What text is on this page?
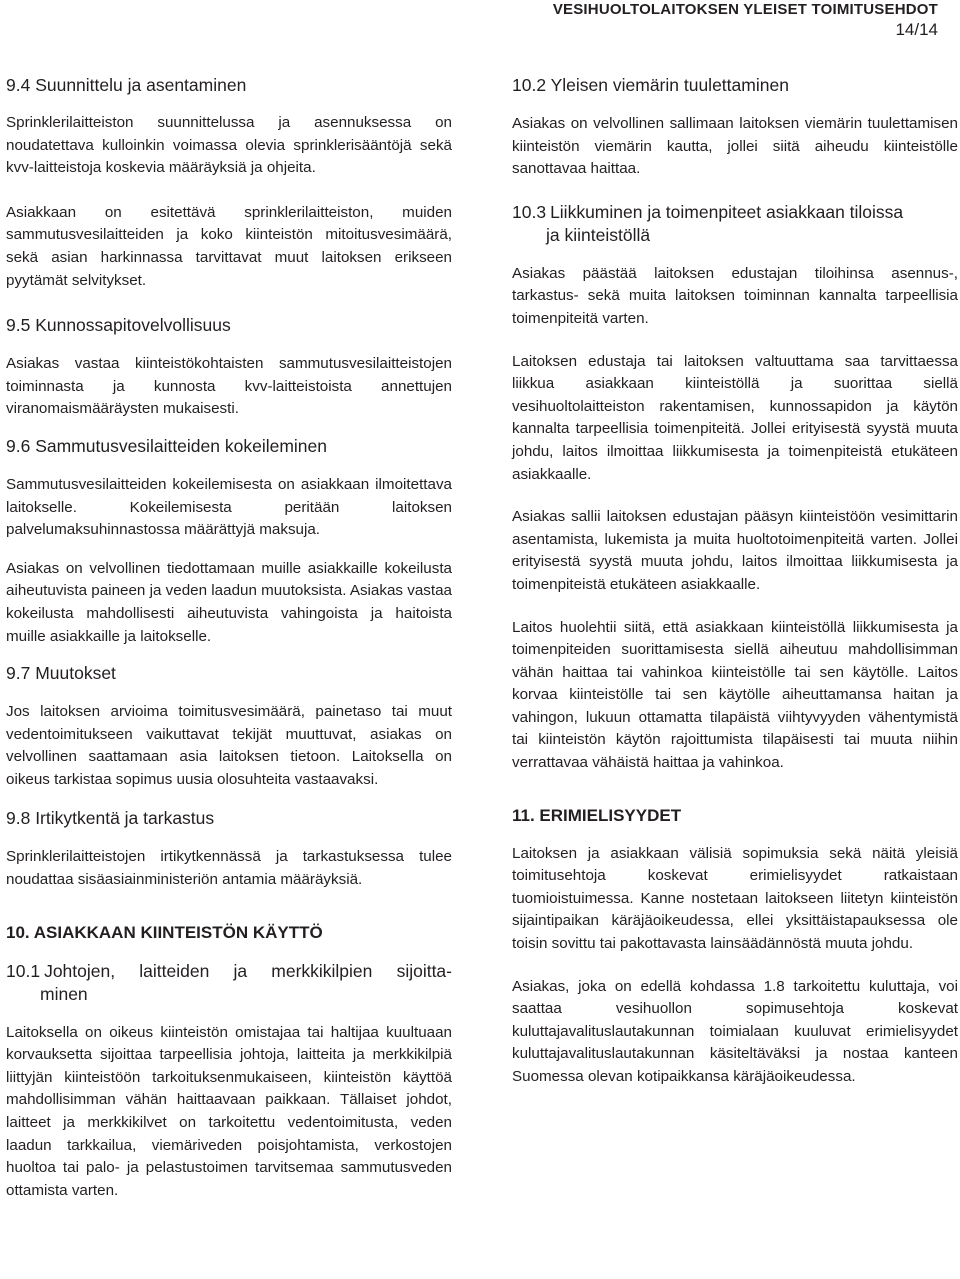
VESIHUOLTOLAITOKSEN YLEISET TOIMITUSEHDOT
14/14
9.4 Suunnittelu ja asentaminen

Sprinklerilaitteiston suunnittelussa ja asennuksessa on noudatettava kulloinkin voimassa olevia sprinklerisääntöjä sekä kvv-laitteistoja koskevia määräyksiä ja ohjeita.

Asiakkaan on esitettävä sprinklerilaitteiston, muiden sammutusvesilaitteiden ja koko kiinteistön mitoitusvesimäärä, sekä asian harkinnassa tarvittavat muut laitoksen erikseen pyytämät selvitykset.

9.5 Kunnossapitovelvollisuus

Asiakas vastaa kiinteistökohtaisten sammutusvesilaitteistojen toiminnasta ja kunnosta kvv-laitteistoista annettujen viranomaismääräysten mukaisesti.

9.6 Sammutusvesilaitteiden kokeileminen

Sammutusvesilaitteiden kokeilemisesta on asiakkaan ilmoitettava laitokselle. Kokeilemisesta peritään laitoksen palvelumaksuhinnastossa määrättyjä maksuja.

Asiakas on velvollinen tiedottamaan muille asiakkaille kokeilusta aiheutuvista paineen ja veden laadun muutoksista. Asiakas vastaa kokeilusta mahdollisesti aiheutuvista vahingoista ja haitoista muille asiakkaille ja laitokselle.

9.7 Muutokset

Jos laitoksen arvioima toimitusvesimäärä, painetaso tai muut vedentoimitukseen vaikuttavat tekijät muuttuvat, asiakas on velvollinen saattamaan asia laitoksen tietoon. Laitoksella on oikeus tarkistaa sopimus uusia olosuhteita vastaavaksi.

9.8 Irtikytkentä ja tarkastus

Sprinklerilaitteistojen irtikytkennässä ja tarkastuksessa tulee noudattaa sisäasiainministeriön antamia määräyksiä.

10. ASIAKKAAN KIINTEISTÖN KÄYTTÖ
10.1 Johtojen, laitteiden ja merkkikilpien sijoitta-
minen

Laitoksella on oikeus kiinteistön omistajaa tai haltijaa kuultuaan korvauksetta sijoittaa tarpeellisia johtoja, laitteita ja merkkikilpiä liittyjän kiinteistöön tarkoituksenmukaiseen, kiinteistön käyttöä mahdollisimman vähän haittaavaan paikkaan. Tällaiset johdot, laitteet ja merkkikilvet on tarkoitettu vedentoimitusta, veden laadun tarkkailua, viemäriveden poisjohtamista, verkostojen huoltoa tai palo- ja pelastustoimen tarvitsemaa sammutusveden ottamista varten.

10.2 Yleisen viemärin tuulettaminen

Asiakas on velvollinen sallimaan laitoksen viemärin tuulettamisen kiinteistön viemärin kautta, jollei siitä aiheudu kiinteistölle sanottavaa haittaa.

10.3 Liikkuminen ja toimenpiteet asiakkaan tiloissa
ja kiinteistöllä

Asiakas päästää laitoksen edustajan tiloihinsa asennus-, tarkastus- sekä muita laitoksen toiminnan kannalta tarpeellisia toimenpiteitä varten.

Laitoksen edustaja tai laitoksen valtuuttama saa tarvittaessa liikkua asiakkaan kiinteistöllä ja suorittaa siellä vesihuoltolaitteiston rakentamisen, kunnossapidon ja käytön kannalta tarpeellisia toimenpiteitä. Jollei erityisestä syystä muuta johdu, laitos ilmoittaa liikkumisesta ja toimenpiteistä etukäteen asiakkaalle.

Asiakas sallii laitoksen edustajan pääsyn kiinteistöön vesimittarin asentamista, lukemista ja muita huoltotoimenpiteitä varten. Jollei erityisestä syystä muuta johdu, laitos ilmoittaa liikkumisesta ja toimenpiteistä etukäteen asiakkaalle.

Laitos huolehtii siitä, että asiakkaan kiinteistöllä liikkumisesta ja toimenpiteiden suorittamisesta siellä aiheutuu mahdollisimman vähän haittaa tai vahinkoa kiinteistölle tai sen käytölle. Laitos korvaa kiinteistölle tai sen käytölle aiheuttamansa haitan ja vahingon, lukuun ottamatta tilapäistä viihtyvyyden vähentymistä tai kiinteistön käytön rajoittumista tilapäisesti tai muuta niihin verrattavaa vähäistä haittaa ja vahinkoa.

11. ERIMIELISYYDET

Laitoksen ja asiakkaan välisiä sopimuksia sekä näitä yleisiä toimitusehtoja koskevat erimielisyydet ratkaistaan tuomioistuimessa. Kanne nostetaan laitokseen liitetyn kiinteistön sijaintipaikan käräjäoikeudessa, ellei yksittäistapauksessa ole toisin sovittu tai pakottavasta lainsäädännöstä muuta johdu.

Asiakas, joka on edellä kohdassa 1.8 tarkoitettu kuluttaja, voi saattaa vesihuollon sopimusehtoja koskevat kuluttajavalituslautakunnan toimialaan kuuluvat erimielisyydet kuluttajavalituslautakunnan käsiteltäväksi ja nostaa kanteen Suomessa olevan kotipaikkansa käräjäoikeudessa.
